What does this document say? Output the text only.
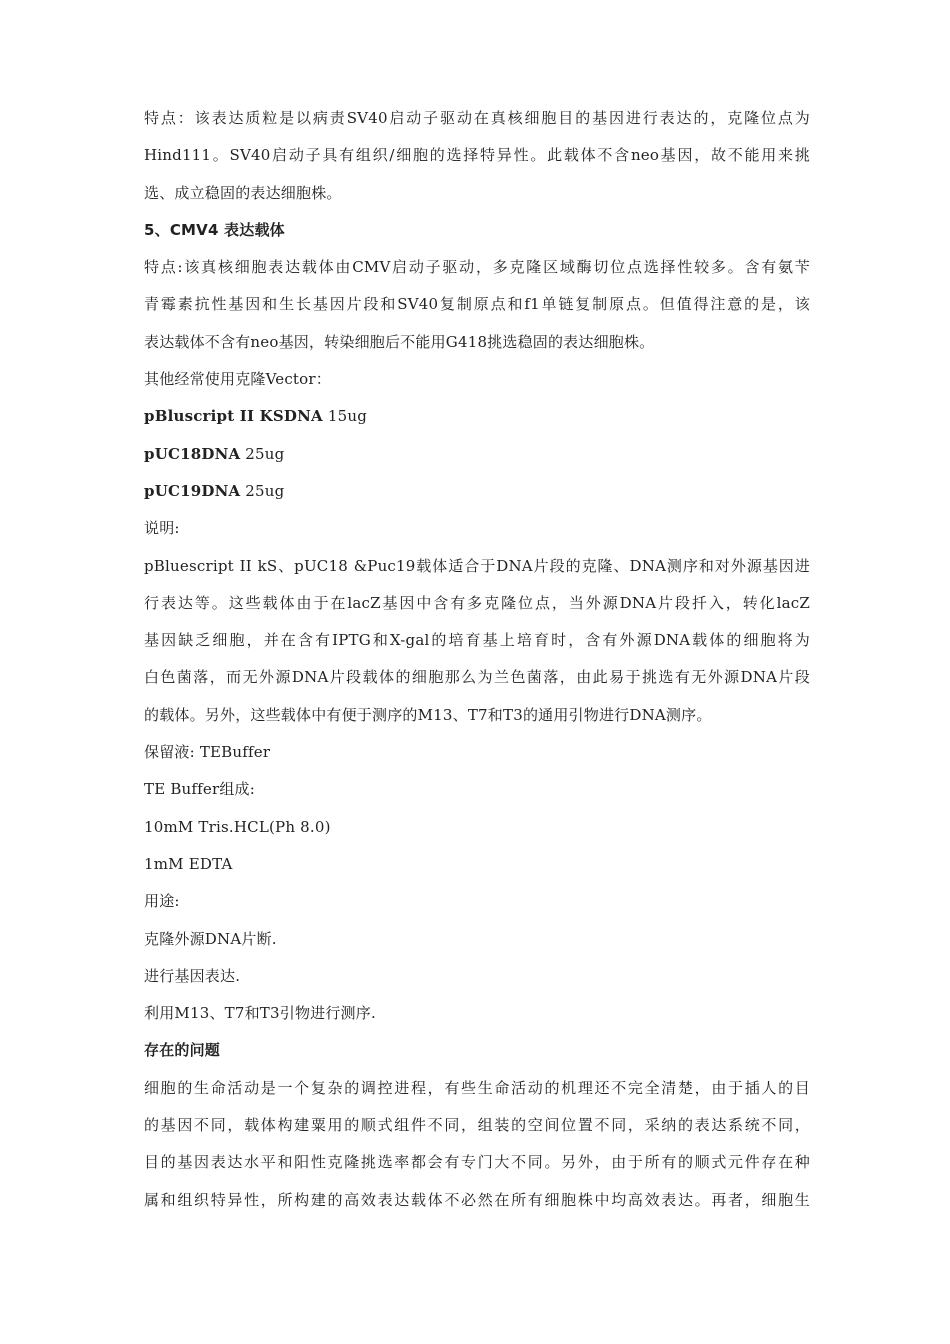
特点：该表达质粒是以病责SV40启动子驱动在真核细胞目的基因进行表达的，克隆位点为
Hind111。SV40启动子具有组织/细胞的选择特异性。此载体不含neo基因，故不能用来挑
选、成立稳固的表达细胞株。
5、CMV4 表达载体
特点:该真核细胞表达载体由CMV启动子驱动，多克隆区域酶切位点选择性较多。含有氨苄
青霉素抗性基因和生长基因片段和SV40复制原点和f1单链复制原点。但值得注意的是，该
表达载体不含有neo基因，转染细胞后不能用G418挑选稳固的表达细胞株。
其他经常使用克隆Vector：
pBluscript II KSDNA 15ug
pUC18DNA 25ug
pUC19DNA 25ug
说明:
pBluescript II kS、pUC18 &Puc19载体适合于DNA片段的克隆、DNA测序和对外源基因进
行表达等。这些载体由于在lacZ基因中含有多克隆位点，当外源DNA片段扦入，转化lacZ
基因缺乏细胞，并在含有IPTG和X-gal的培育基上培育时，含有外源DNA载体的细胞将为
白色菌落，而无外源DNA片段载体的细胞那么为兰色菌落，由此易于挑选有无外源DNA片段
的载体。另外，这些载体中有便于测序的M13、T7和T3的通用引物进行DNA测序。
保留液: TEBuffer
TE Buffer组成:
10mM Tris.HCL(Ph 8.0)
1mM EDTA
用途:
克隆外源DNA片断.
进行基因表达.
利用M13、T7和T3引物进行测序.
存在的问题
细胞的生命活动是一个复杂的调控进程，有些生命活动的机理还不完全清楚，由于插人的目
的基因不同，载体构建粟用的顺式组件不同，组装的空间位置不同，采纳的表达系统不同，
目的基因表达水平和阳性克隆挑选率都会有专门大不同。另外，由于所有的顺式元件存在种
属和组织特异性，所构建的高效表达载体不必然在所有细胞株中均高效表达。再者，细胞生
